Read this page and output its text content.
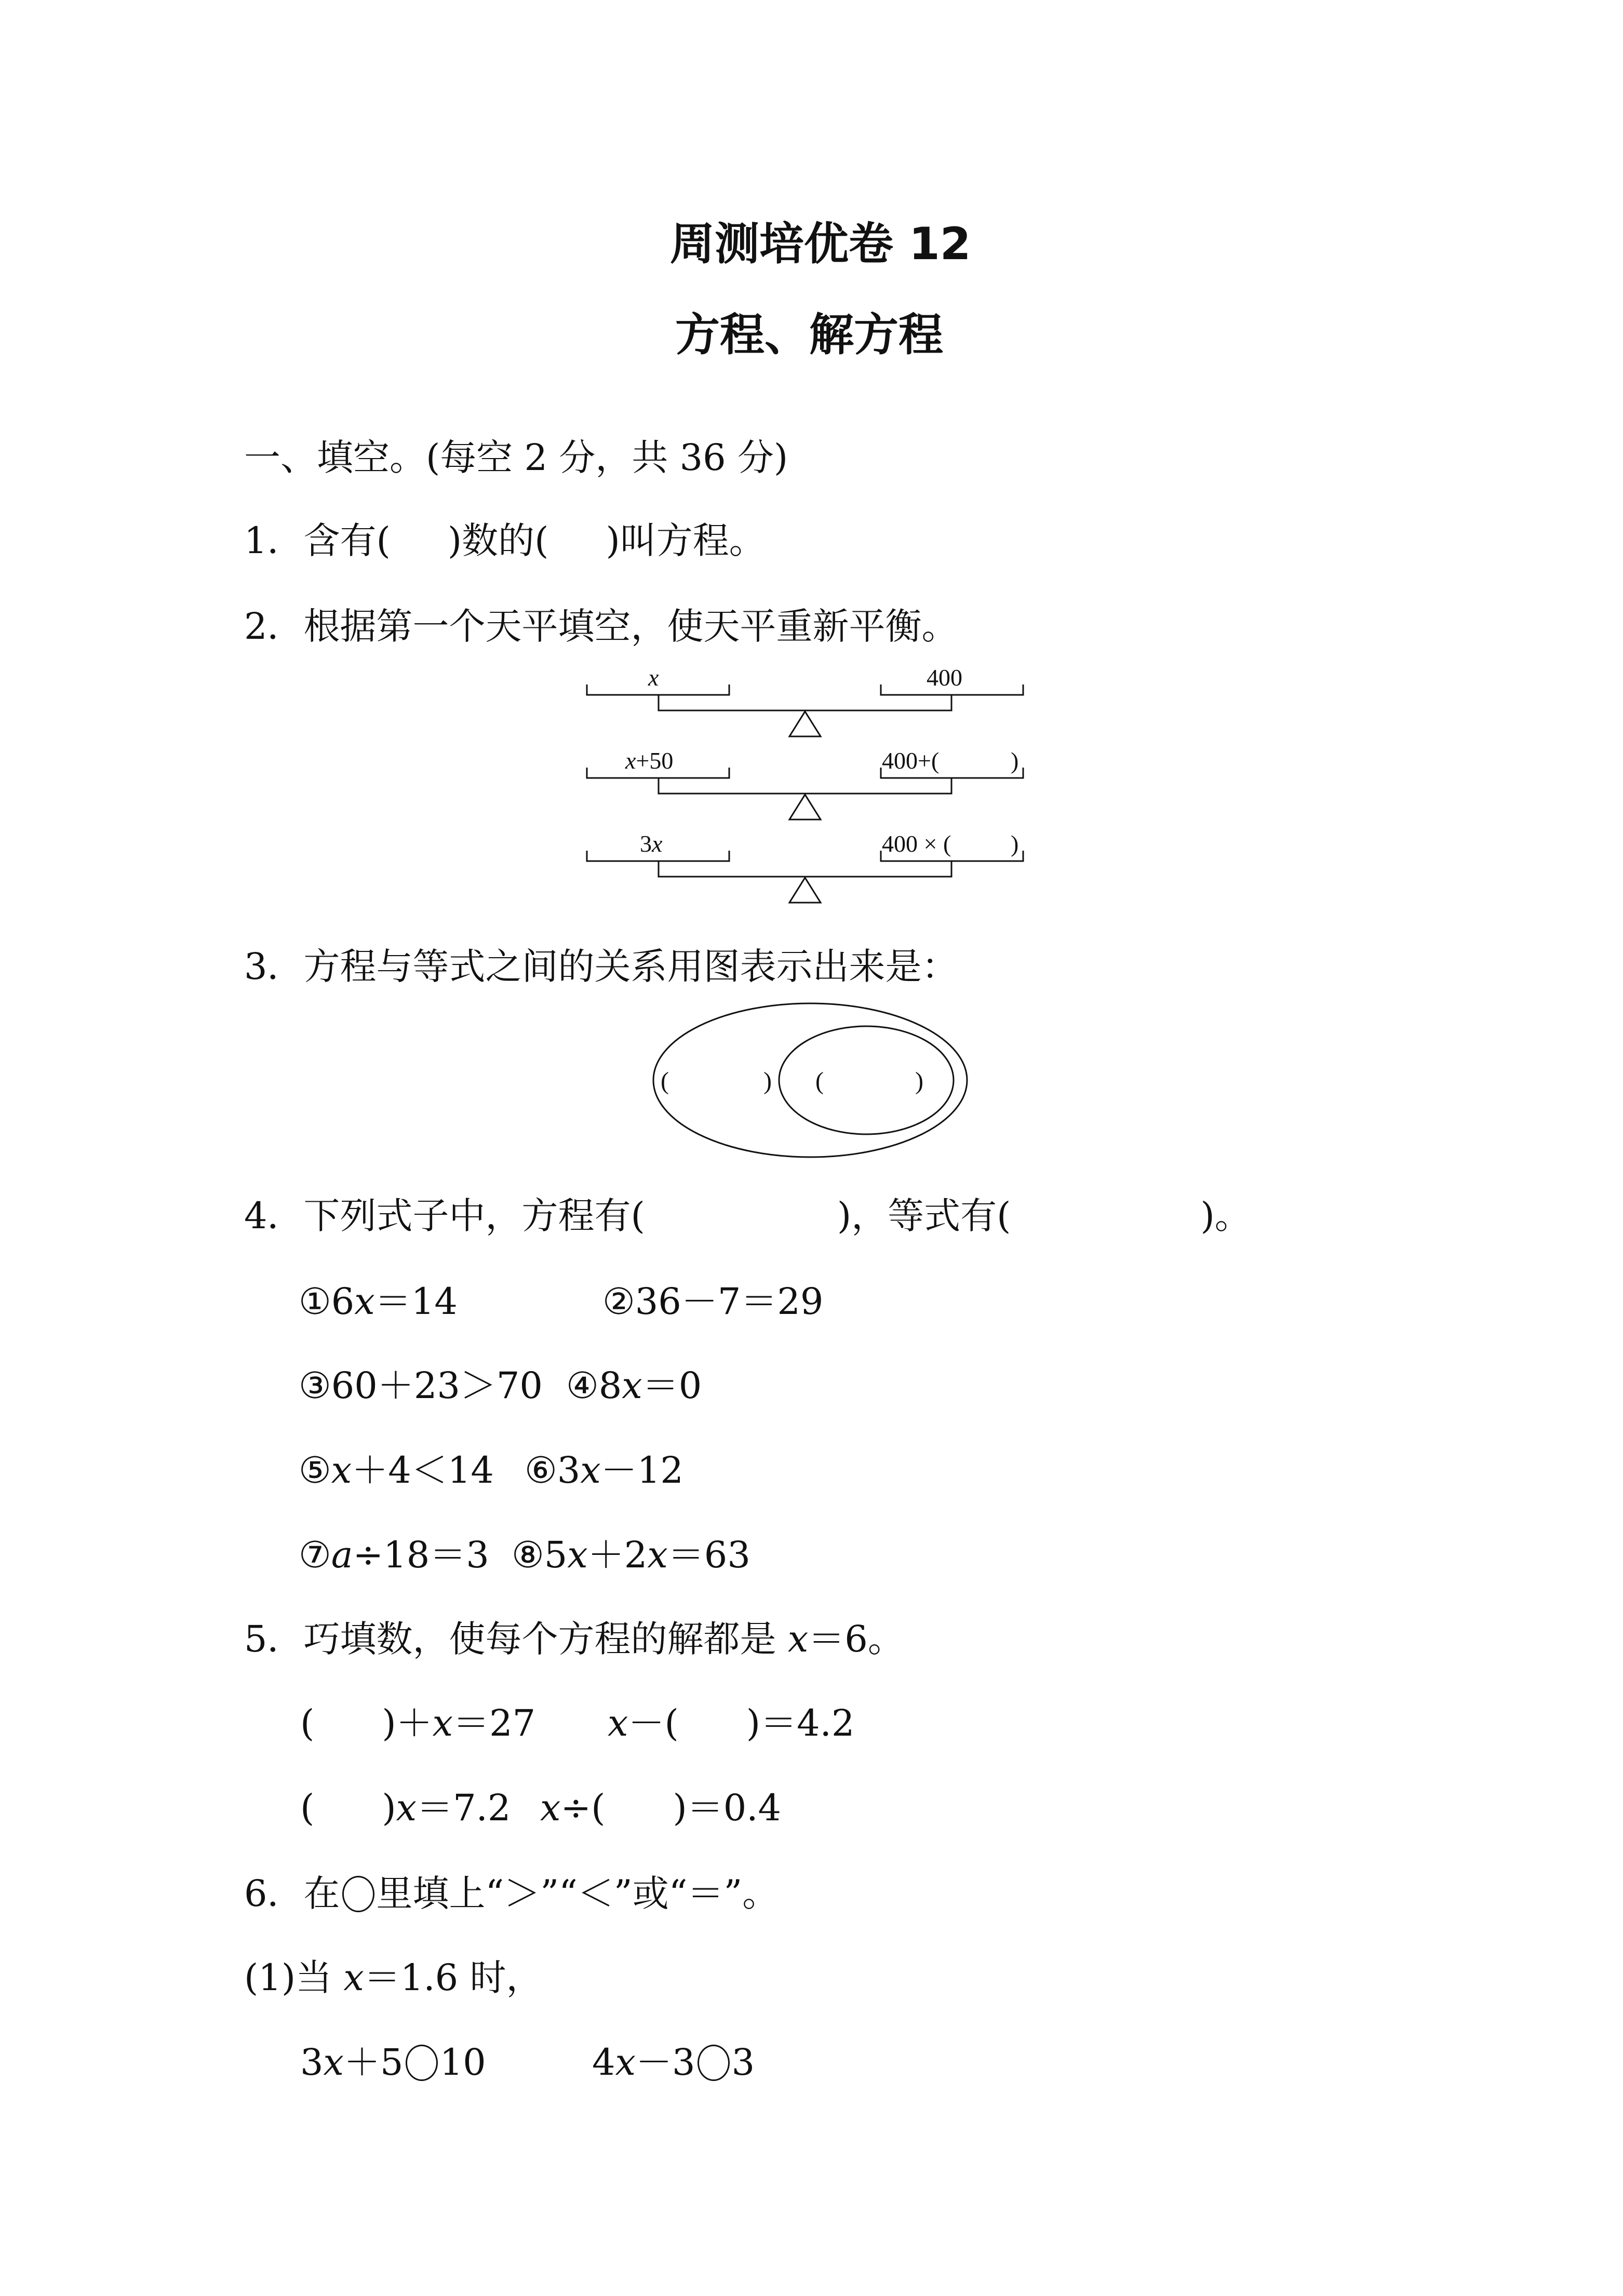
周测培优卷 12
方程、解方程
一、填空。(每空 2 分，共 36 分)
1．含有( )数的( )叫方程。
2．根据第一个天平填空，使天平重新平衡。
x	400
x+50	400+(	)
3x	400 × ( )
3．方程与等式之间的关系用图表示出来是：
(	) (	)
4．下列式子中，方程有(	)，等式有(	)。
①6x＝14	②36－7＝29
③60＋23＞70 ④8x＝0
⑤x＋4＜14 ⑥3x－12
⑦a÷18＝3 ⑧5x＋2x＝63
5．巧填数，使每个方程的解都是 x＝6。
( )＋x＝27 x－( )＝4.2
( )x＝7.2 x÷( )＝0.4
6．在 里填上“＞”“＜”或“＝”。
(1)当 x＝1.6 时，
3x＋5 10	4x－3 3
